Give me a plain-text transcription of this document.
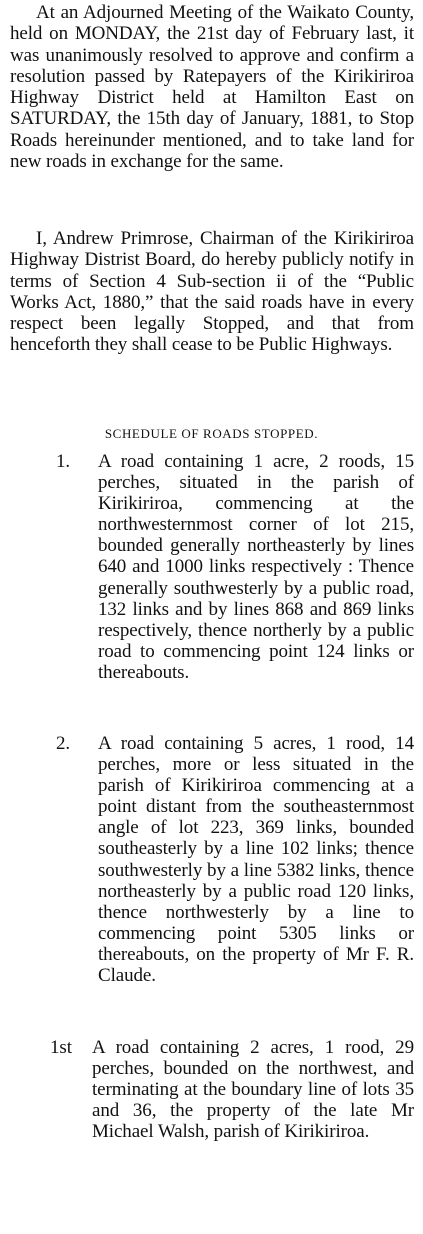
At an Adjourned Meeting of the Waikato County, held on MONDAY, the 21st day of February last, it was unanimously resolved to approve and confirm a resolution passed by Ratepayers of the Kirikiriroa Highway District held at Hamilton East on SATURDAY, the 15th day of January, 1881, to Stop Roads hereinunder mentioned, and to take land for new roads in exchange for the same.

I, Andrew Primrose, Chairman of the Kirikiriroa Highway Distrist Board, do hereby publicly notify in terms of Section 4 Sub-section ii of the “Public Works Act, 1880,” that the said roads have in every respect been legally Stopped, and that from henceforth they shall cease to be Public Highways.

SCHEDULE OF ROADS STOPPED.

1. A road containing 1 acre, 2 roods, 15 perches, situated in the parish of Kirikiriroa, commencing at the northwesternmost corner of lot 215, bounded generally northeasterly by lines 640 and 1000 links respectively : Thence generally southwesterly by a public road, 132 links and by lines 868 and 869 links respectively, thence northerly by a public road to commencing point 124 links or thereabouts.

2. A road containing 5 acres, 1 rood, 14 perches, more or less situated in the parish of Kirikiriroa commencing at a point distant from the southeasternmost angle of lot 223, 369 links, bounded southeasterly by a line 102 links; thence southwesterly by a line 5382 links, thence northeasterly by a public road 120 links, thence northwesterly by a line to commencing point 5305 links or thereabouts, on the property of Mr F. R. Claude.

1st A road containing 2 acres, 1 rood, 29 perches, bounded on the northwest, and terminating at the boundary line of lots 35 and 36, the property of the late Mr Michael Walsh, parish of Kirikiriroa.
